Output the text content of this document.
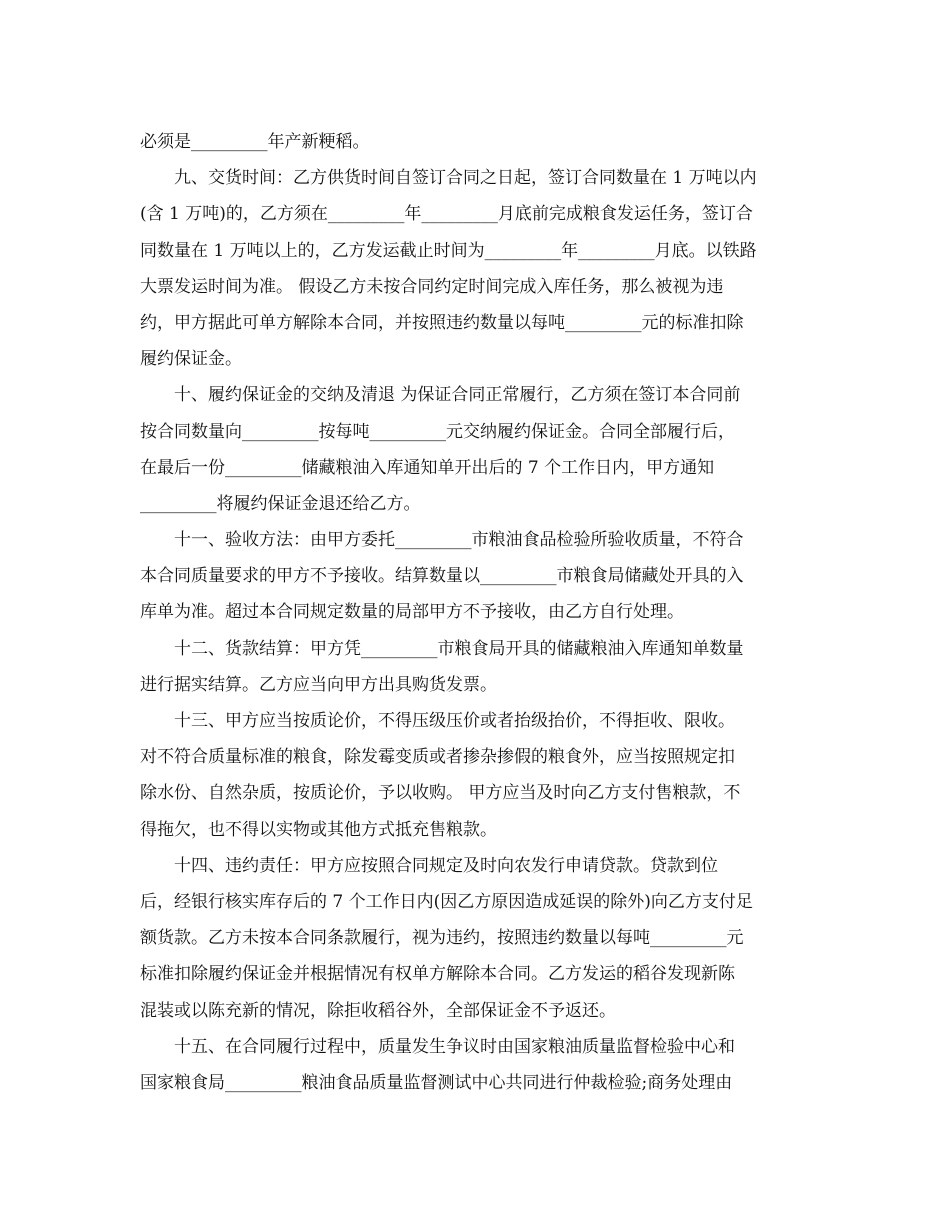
必须是_________年产新粳稻。
　　九、交货时间：乙方供货时间自签订合同之日起，签订合同数量在 1 万吨以内
(含 1 万吨)的，乙方须在_________年_________月底前完成粮食发运任务，签订合
同数量在 1 万吨以上的，乙方发运截止时间为_________年_________月底。以铁路
大票发运时间为准。 假设乙方未按合同约定时间完成入库任务，那么被视为违
约，甲方据此可单方解除本合同，并按照违约数量以每吨_________元的标准扣除
履约保证金。
　　十、履约保证金的交纳及清退 为保证合同正常履行，乙方须在签订本合同前
按合同数量向_________按每吨_________元交纳履约保证金。合同全部履行后，
在最后一份_________储藏粮油入库通知单开出后的 7 个工作日内，甲方通知
_________将履约保证金退还给乙方。
　　十一、验收方法：由甲方委托_________市粮油食品检验所验收质量，不符合
本合同质量要求的甲方不予接收。结算数量以_________市粮食局储藏处开具的入
库单为准。超过本合同规定数量的局部甲方不予接收，由乙方自行处理。
　　十二、货款结算：甲方凭_________市粮食局开具的储藏粮油入库通知单数量
进行据实结算。乙方应当向甲方出具购货发票。
　　十三、甲方应当按质论价，不得压级压价或者抬级抬价，不得拒收、限收。
对不符合质量标准的粮食，除发霉变质或者掺杂掺假的粮食外，应当按照规定扣
除水份、自然杂质，按质论价，予以收购。 甲方应当及时向乙方支付售粮款，不
得拖欠，也不得以实物或其他方式抵充售粮款。
　　十四、违约责任：甲方应按照合同规定及时向农发行申请贷款。贷款到位
后，经银行核实库存后的 7 个工作日内(因乙方原因造成延误的除外)向乙方支付足
额货款。乙方未按本合同条款履行，视为违约，按照违约数量以每吨_________元
标准扣除履约保证金并根据情况有权单方解除本合同。乙方发运的稻谷发现新陈
混装或以陈充新的情况，除拒收稻谷外，全部保证金不予返还。
　　十五、在合同履行过程中，质量发生争议时由国家粮油质量监督检验中心和
国家粮食局_________粮油食品质量监督测试中心共同进行仲裁检验;商务处理由
